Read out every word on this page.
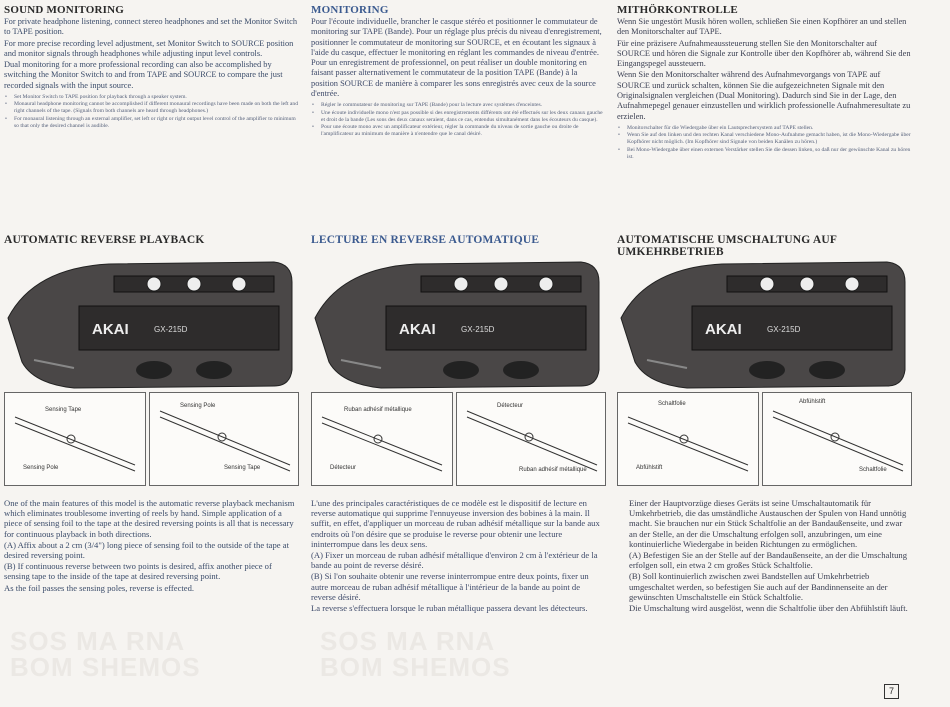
SOUND MONITORING

For private headphone listening, connect stereo headphones and set the Monitor Switch to TAPE position.

For more precise recording level adjustment, set Monitor Switch to SOURCE position and monitor signals through headphones while adjusting input level controls.

Dual monitoring for a more professional recording can also be accomplished by switching the Monitor Switch to and from TAPE and SOURCE to compare the just recorded signals with the input source.

• Set Monitor Switch to TAPE position for playback through a speaker system.
• Monaural headphone monitoring cannot be accomplished if different monaural recordings have been made on both the left and right channels of the tape. (Signals from both channels are heard through headphones.)
• For monaural listening through an external amplifier, set left or right or right output level control of the amplifier to minimum so that only the desired channel is audible.
AUTOMATIC REVERSE PLAYBACK
AKAI	GX-215D
Sensing Tape
Sensing Pole
Sensing Pole
Sensing Tape

One of the main features of this model is the automatic reverse playback mechanism which eliminates troublesome inverting of reels by hand. Simple application of a piece of sensing foil to the tape at the desired reversing points is all that is necessary for continuous playback in both directions.

(A) Affix about a 2 cm (3/4") long piece of sensing foil to the outside of the tape at desired reversing point.

(B) If continuous reverse between two points is desired, affix another piece of sensing tape to the inside of the tape at desired reversing point.

As the foil passes the sensing poles, reverse is effected.

MONITORING

Pour l'écoute individuelle, brancher le casque stéréo et positionner le commutateur de monitoring sur TAPE (Bande). Pour un réglage plus précis du niveau d'enregistrement, positionner le commutateur de monitoring sur SOURCE, et en écoutant les signaux à l'aide du casque, effectuer le monitoring en réglant les commandes de niveau d'entrée. Pour un enregistrement de professionnel, on peut réaliser un double monitoring en faisant passer alternativement le commutateur de la position TAPE (Bande) à la position SOURCE de manière à comparer les sons enregistrés avec ceux de la source d'entrée.

• Régler le commutateur de monitoring sur TAPE (Bande) pour la lecture avec systèmes d'enceintes.
• Une écoute individuelle mono n'est pas possible si des enregistrements différents ont été effectués sur les deux canaux gauche et droit de la bande (Les sons des deux canaux seraient, dans ce cas, entendus simultanément dans les écouteurs du casque).
• Pour une écoute mono avec un amplificateur extérieur, régler la commande du niveau de sortie gauche ou droite de l'amplificateur au minimum de manière à n'entendre que le canal désiré.
LECTURE EN REVERSE AUTOMATIQUE
AKAI	GX-215D
Ruban adhésif métallique
Détecteur
Détecteur
Ruban adhésif métallique

L'une des principales caractéristiques de ce modèle est le dispositif de lecture en reverse automatique qui supprime l'ennuyeuse inversion des bobines à la main. Il suffit, en effet, d'appliquer un morceau de ruban adhésif métallique sur la bande aux endroits où l'on désire que se produise le reverse pour obtenir une lecture ininterrompue dans les deux sens.

(A) Fixer un morceau de ruban adhésif métallique d'environ 2 cm à l'extérieur de la bande au point de reverse désiré.

(B) Si l'on souhaite obtenir une reverse ininterrompue entre deux points, fixer un autre morceau de ruban adhésif métallique à l'intérieur de la bande au point de reverse désiré.

La reverse s'effectuera lorsque le ruban métallique passera devant les détecteurs.

MITHÖRKONTROLLE

Wenn Sie ungestört Musik hören wollen, schließen Sie einen Kopfhörer an und stellen den Monitorschalter auf TAPE.

Für eine präzisere Aufnahmeaussteuerung stellen Sie den Monitorschalter auf SOURCE und hören die Signale zur Kontrolle über den Kopfhörer ab, während Sie den Eingangspegel aussteuern.

Wenn Sie den Monitorschalter während des Aufnahmevorgangs von TAPE auf SOURCE und zurück schalten, können Sie die aufgezeichneten Signale mit den Originalsignalen vergleichen (Dual Monitoring). Dadurch sind Sie in der Lage, den Aufnahmepegel genauer einzustellen und wirklich professionelle Aufnahmeresultate zu erzielen.

• Monitorschalter für die Wiedergabe über ein Lautsprechersystem auf TAPE stellen.
• Wenn Sie auf den linken und den rechten Kanal verschiedene Mono-Aufnahme gemacht haben, ist die Mono-Wiedergabe über Kopfhörer nicht möglich. (Im Kopfhörer sind Signale von beiden Kanälen zu hören.)
• Bei Mono-Wiedergabe über einen externen Verstärker stellen Sie die dessen linken, so daß nur der gewünschte Kanal zu hören ist.
AUTOMATISCHE UMSCHALTUNG AUF UMKEHRBETRIEB
AKAI	GX-215D
Schaltfolie
Abfühlstift
Abfühlstift
Schaltfolie

Einer der Hauptvorzüge dieses Geräts ist seine Umschaltautomatik für Umkehrbetrieb, die das umständliche Austauschen der Spulen von Hand unnötig macht. Sie brauchen nur ein Stück Schaltfolie an der Bandaußenseite, und zwar an der Stelle, an der die Umschaltung erfolgen soll, anzubringen, um eine kontinuierliche Wiedergabe in beiden Richtungen zu ermöglichen.

(A) Befestigen Sie an der Stelle auf der Bandaußenseite, an der die Umschaltung erfolgen soll, ein etwa 2 cm großes Stück Schaltfolie.

(B) Soll kontinuierlich zwischen zwei Bandstellen auf Umkehrbetrieb umgeschaltet werden, so befestigen Sie auch auf der Bandinnenseite an der gewünschten Umschaltstelle ein Stück Schaltfolie.

Die Umschaltung wird ausgelöst, wenn die Schaltfolie über den Abfühlstift läuft.

SOS MA RNA
BOM SHEMOS
SOS MA RNA
BOM SHEMOS
7
